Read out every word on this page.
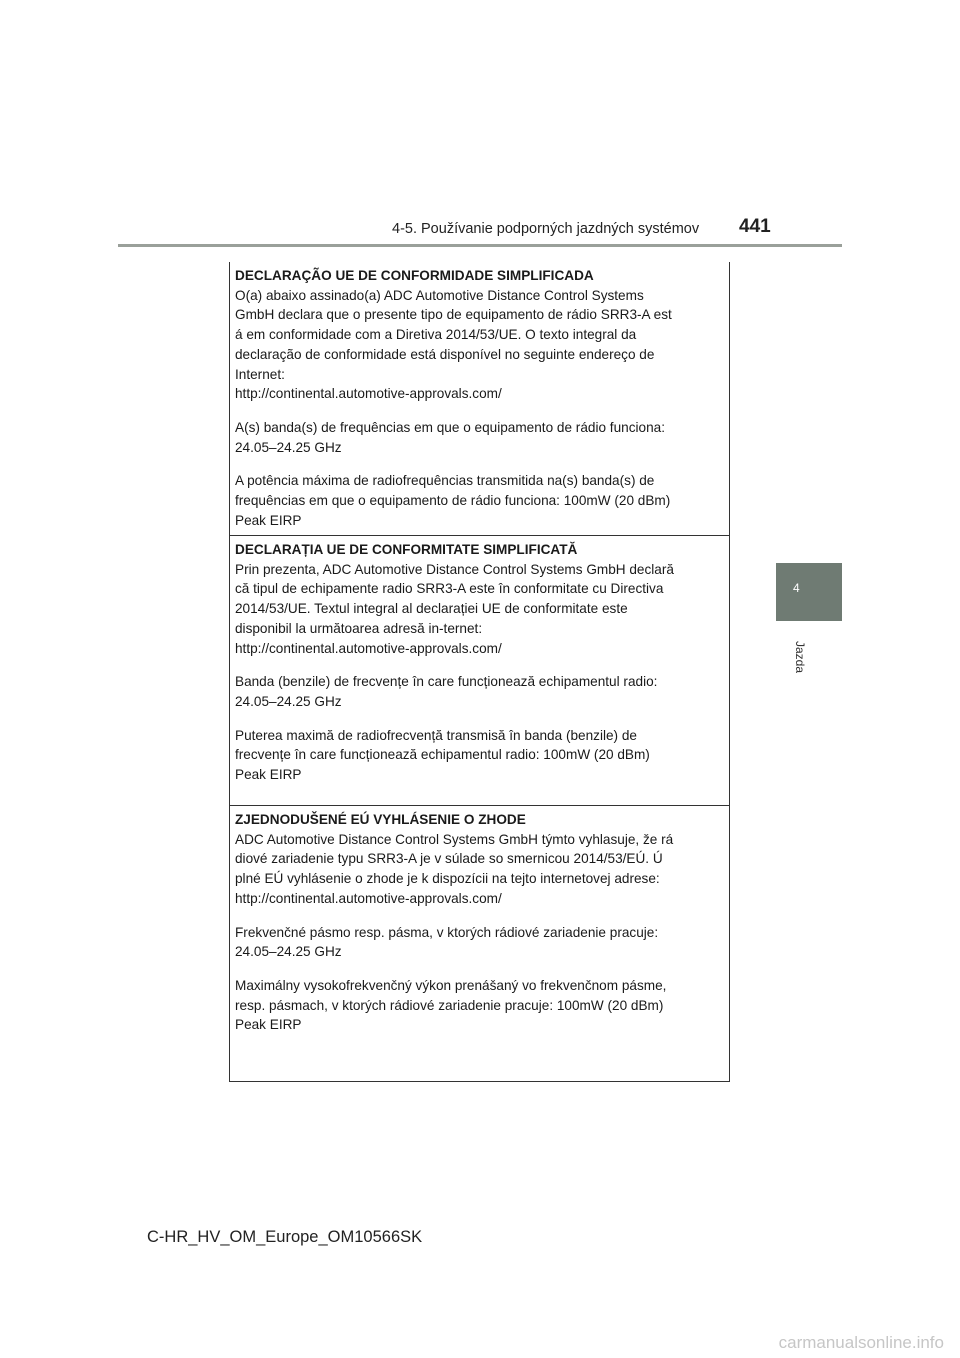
4-5. Používanie podporných jazdných systémov 441
4
Jazda

DECLARAÇÃO UE DE CONFORMIDADE SIMPLIFICADA

O(a) abaixo assinado(a) ADC Automotive Distance Control Systems
GmbH declara que o presente tipo de equipamento de rádio SRR3-A est
á em conformidade com a Diretiva 2014/53/UE. O texto integral da
declaração de conformidade está disponível no seguinte endereço de
Internet:
http://continental.automotive-approvals.com/

A(s) banda(s) de frequências em que o equipamento de rádio funciona:
24.05–24.25 GHz

A potência máxima de radiofrequências transmitida na(s) banda(s) de
frequências em que o equipamento de rádio funciona: 100mW (20 dBm)
Peak EIRP

DECLARAȚIA UE DE CONFORMITATE SIMPLIFICATĂ

Prin prezenta, ADC Automotive Distance Control Systems GmbH declară
că tipul de echipamente radio SRR3-A este în conformitate cu Directiva
2014/53/UE. Textul integral al declarației UE de conformitate este
disponibil la următoarea adresă in-ternet:
http://continental.automotive-approvals.com/

Banda (benzile) de frecvențe în care funcționează echipamentul radio:
24.05–24.25 GHz

Puterea maximă de radiofrecvență transmisă în banda (benzile) de
frecvențe în care funcționează echipamentul radio: 100mW (20 dBm)
Peak EIRP

ZJEDNODUŠENÉ EÚ VYHLÁSENIE O ZHODE

ADC Automotive Distance Control Systems GmbH týmto vyhlasuje, že rá
diové zariadenie typu SRR3-A je v súlade so smernicou 2014/53/EÚ. Ú
plné EÚ vyhlásenie o zhode je k dispozícii na tejto internetovej adrese:
http://continental.automotive-approvals.com/

Frekvenčné pásmo resp. pásma, v ktorých rádiové zariadenie pracuje:
24.05–24.25 GHz

Maximálny vysokofrekvenčný výkon prenášaný vo frekvenčnom pásme,
resp. pásmach, v ktorých rádiové zariadenie pracuje: 100mW (20 dBm)
Peak EIRP

C-HR_HV_OM_Europe_OM10566SK
carmanualsonline.info
